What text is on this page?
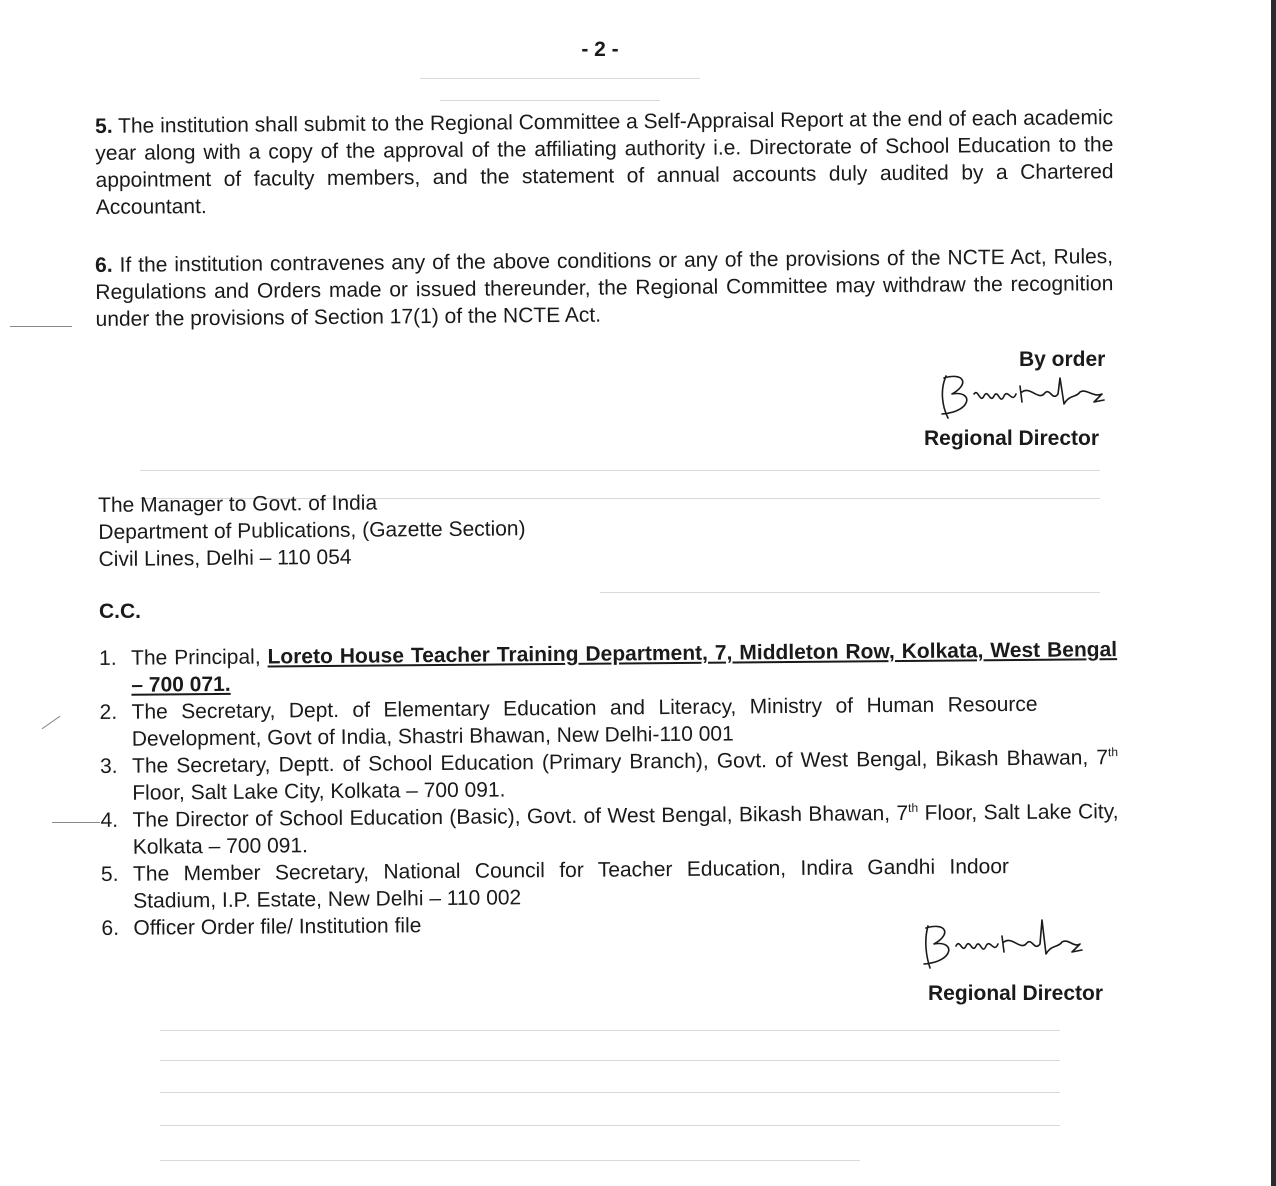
- 2 -
5. The institution shall submit to the Regional Committee a Self-Appraisal Report at the end of each academic year along with a copy of the approval of the affiliating authority i.e. Directorate of School Education to the appointment of faculty members, and the statement of annual accounts duly audited by a Chartered Accountant.
6. If the institution contravenes any of the above conditions or any of the provisions of the NCTE Act, Rules, Regulations and Orders made or issued thereunder, the Regional Committee may withdraw the recognition under the provisions of Section 17(1) of the NCTE Act.
By order
Regional Director
The Manager to Govt. of India
Department of Publications, (Gazette Section)
Civil Lines, Delhi – 110 054
C.C.
1. The Principal, Loreto House Teacher Training Department, 7, Middleton Row, Kolkata, West Bengal – 700 071.
2. The Secretary, Dept. of Elementary Education and Literacy, Ministry of Human Resource Development, Govt of India, Shastri Bhawan, New Delhi-110 001
3. The Secretary, Deptt. of School Education (Primary Branch), Govt. of West Bengal, Bikash Bhawan, 7th Floor, Salt Lake City, Kolkata – 700 091.
4. The Director of School Education (Basic), Govt. of West Bengal, Bikash Bhawan, 7th Floor, Salt Lake City, Kolkata – 700 091.
5. The Member Secretary, National Council for Teacher Education, Indira Gandhi Indoor Stadium, I.P. Estate, New Delhi – 110 002
6. Officer Order file/ Institution file
Regional Director
